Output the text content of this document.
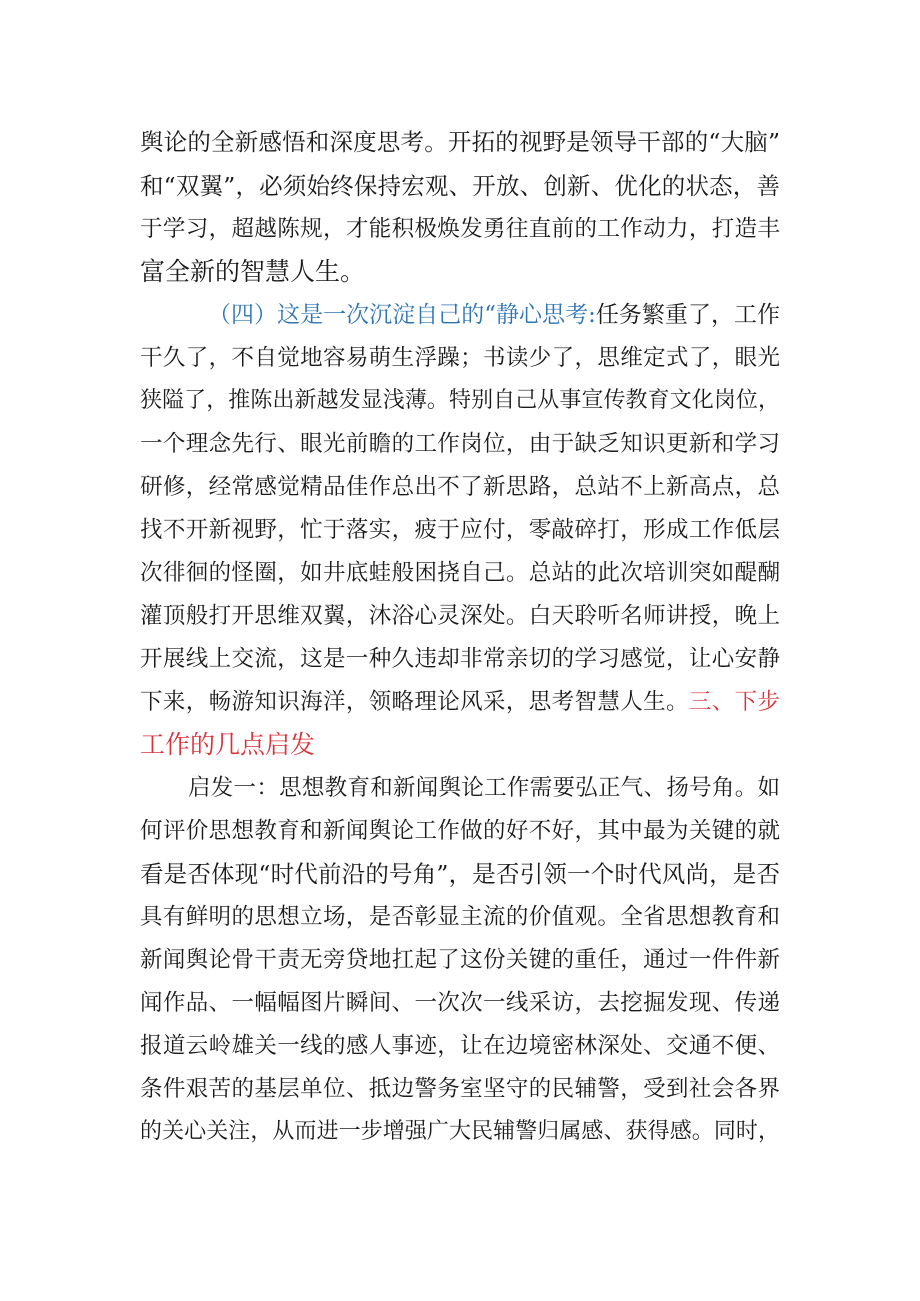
舆论的全新感悟和深度思考。开拓的视野是领导干部的“大脑”
和“双翼”，必须始终保持宏观、开放、创新、优化的状态，善
于学习，超越陈规，才能积极焕发勇往直前的工作动力，打造丰
富全新的智慧人生。
（四）这是一次沉淀自己的“静心思考:任务繁重了，工作
干久了，不自觉地容易萌生浮躁；书读少了，思维定式了，眼光
狭隘了，推陈出新越发显浅薄。特别自己从事宣传教育文化岗位，
一个理念先行、眼光前瞻的工作岗位，由于缺乏知识更新和学习
研修，经常感觉精品佳作总出不了新思路，总站不上新高点，总
找不开新视野，忙于落实，疲于应付，零敲碎打，形成工作低层
次徘徊的怪圈，如井底蛙般困挠自己。总站的此次培训突如醍醐
灌顶般打开思维双翼，沐浴心灵深处。白天聆听名师讲授，晚上
开展线上交流，这是一种久违却非常亲切的学习感觉，让心安静
下来，畅游知识海洋，领略理论风采，思考智慧人生。三、下步
工作的几点启发
启发一：思想教育和新闻舆论工作需要弘正气、扬号角。如
何评价思想教育和新闻舆论工作做的好不好，其中最为关键的就
看是否体现“时代前沿的号角”，是否引领一个时代风尚，是否
具有鲜明的思想立场，是否彰显主流的价值观。全省思想教育和
新闻舆论骨干责无旁贷地扛起了这份关键的重任，通过一件件新
闻作品、一幅幅图片瞬间、一次次一线采访，去挖掘发现、传递
报道云岭雄关一线的感人事迹，让在边境密林深处、交通不便、
条件艰苦的基层单位、抵边警务室坚守的民辅警，受到社会各界
的关心关注，从而进一步增强广大民辅警归属感、获得感。同时，
